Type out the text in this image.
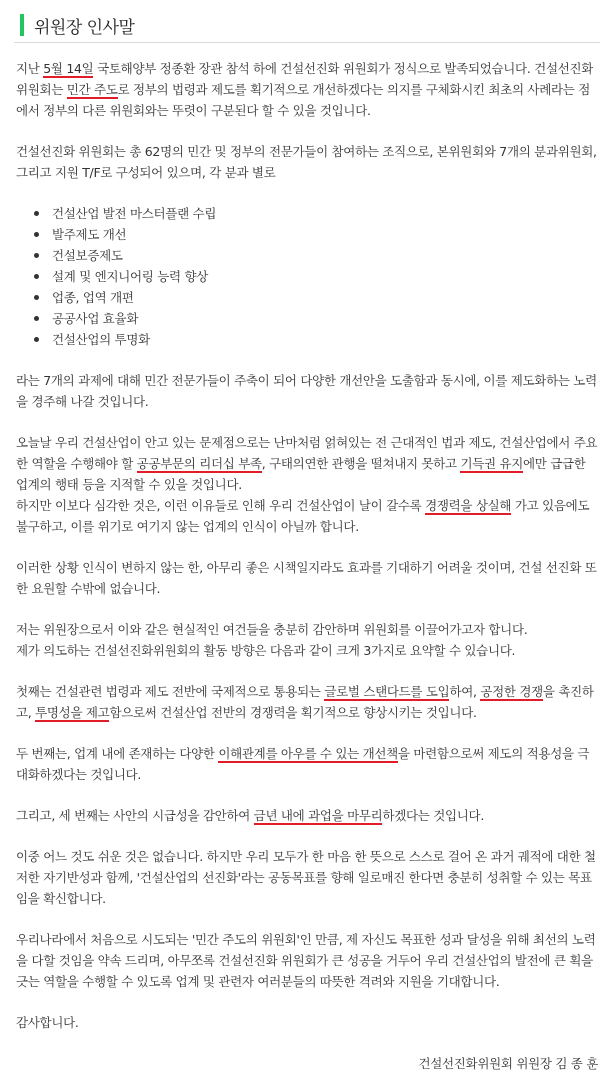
위원장 인사말

지난 5월 14일 국토해양부 정종환 장관 참석 하에 건설선진화 위원회가 정식으로 발족되었습니다. 건설선진화 위원회는 민간 주도로 정부의 법령과 제도를 획기적으로 개선하겠다는 의지를 구체화시킨 최초의 사례라는 점에서 정부의 다른 위원회와는 뚜렷이 구분된다 할 수 있을 것입니다.

건설선진화 위원회는 총 62명의 민간 및 정부의 전문가들이 참여하는 조직으로, 본위원회와 7개의 분과위원회, 그리고 지원 T/F로 구성되어 있으며, 각 분과 별로

건설산업 발전 마스터플랜 수립
발주제도 개선
건설보증제도
설계 및 엔지니어링 능력 향상
업종, 업역 개편
공공사업 효율화
건설산업의 투명화

라는 7개의 과제에 대해 민간 전문가들이 주축이 되어 다양한 개선안을 도출함과 동시에, 이를 제도화하는 노력을 경주해 나갈 것입니다.

오늘날 우리 건설산업이 안고 있는 문제점으로는 난마처럼 얽혀있는 전 근대적인 법과 제도, 건설산업에서 주요한 역할을 수행해야 할 공공부문의 리더십 부족, 구태의연한 관행을 떨쳐내지 못하고 기득권 유지에만 급급한 업계의 행태 등을 지적할 수 있을 것입니다.

하지만 이보다 심각한 것은, 이런 이유들로 인해 우리 건설산업이 날이 갈수록 경쟁력을 상실해 가고 있음에도 불구하고, 이를 위기로 여기지 않는 업계의 인식이 아닐까 합니다.

이러한 상황 인식이 변하지 않는 한, 아무리 좋은 시책일지라도 효과를 기대하기 어려울 것이며, 건설 선진화 또한 요원할 수밖에 없습니다.

저는 위원장으로서 이와 같은 현실적인 여건들을 충분히 감안하며 위원회를 이끌어가고자 합니다.

제가 의도하는 건설선진화위원회의 활동 방향은 다음과 같이 크게 3가지로 요약할 수 있습니다.

첫째는 건설관련 법령과 제도 전반에 국제적으로 통용되는 글로벌 스탠다드를 도입하여, 공정한 경쟁을 촉진하고, 투명성을 제고함으로써 건설산업 전반의 경쟁력을 획기적으로 향상시키는 것입니다.

두 번째는, 업계 내에 존재하는 다양한 이해관계를 아우를 수 있는 개선책을 마련함으로써 제도의 적용성을 극대화하겠다는 것입니다.

그리고, 세 번째는 사안의 시급성을 감안하여 금년 내에 과업을 마무리하겠다는 것입니다.

이중 어느 것도 쉬운 것은 없습니다. 하지만 우리 모두가 한 마음 한 뜻으로 스스로 걸어 온 과거 궤적에 대한 철저한 자기반성과 함께, '건설산업의 선진화'라는 공동목표를 향해 일로매진 한다면 충분히 성취할 수 있는 목표임을 확신합니다.

우리나라에서 처음으로 시도되는 '민간 주도의 위원회'인 만큼, 제 자신도 목표한 성과 달성을 위해 최선의 노력을 다할 것임을 약속 드리며, 아무쪼록 건설선진화 위원회가 큰 성공을 거두어 우리 건설산업의 발전에 큰 획을 긋는 역할을 수행할 수 있도록 업계 및 관련자 여러분들의 따뜻한 격려와 지원을 기대합니다.

감사합니다.

건설선진화위원회 위원장 김 종 훈
